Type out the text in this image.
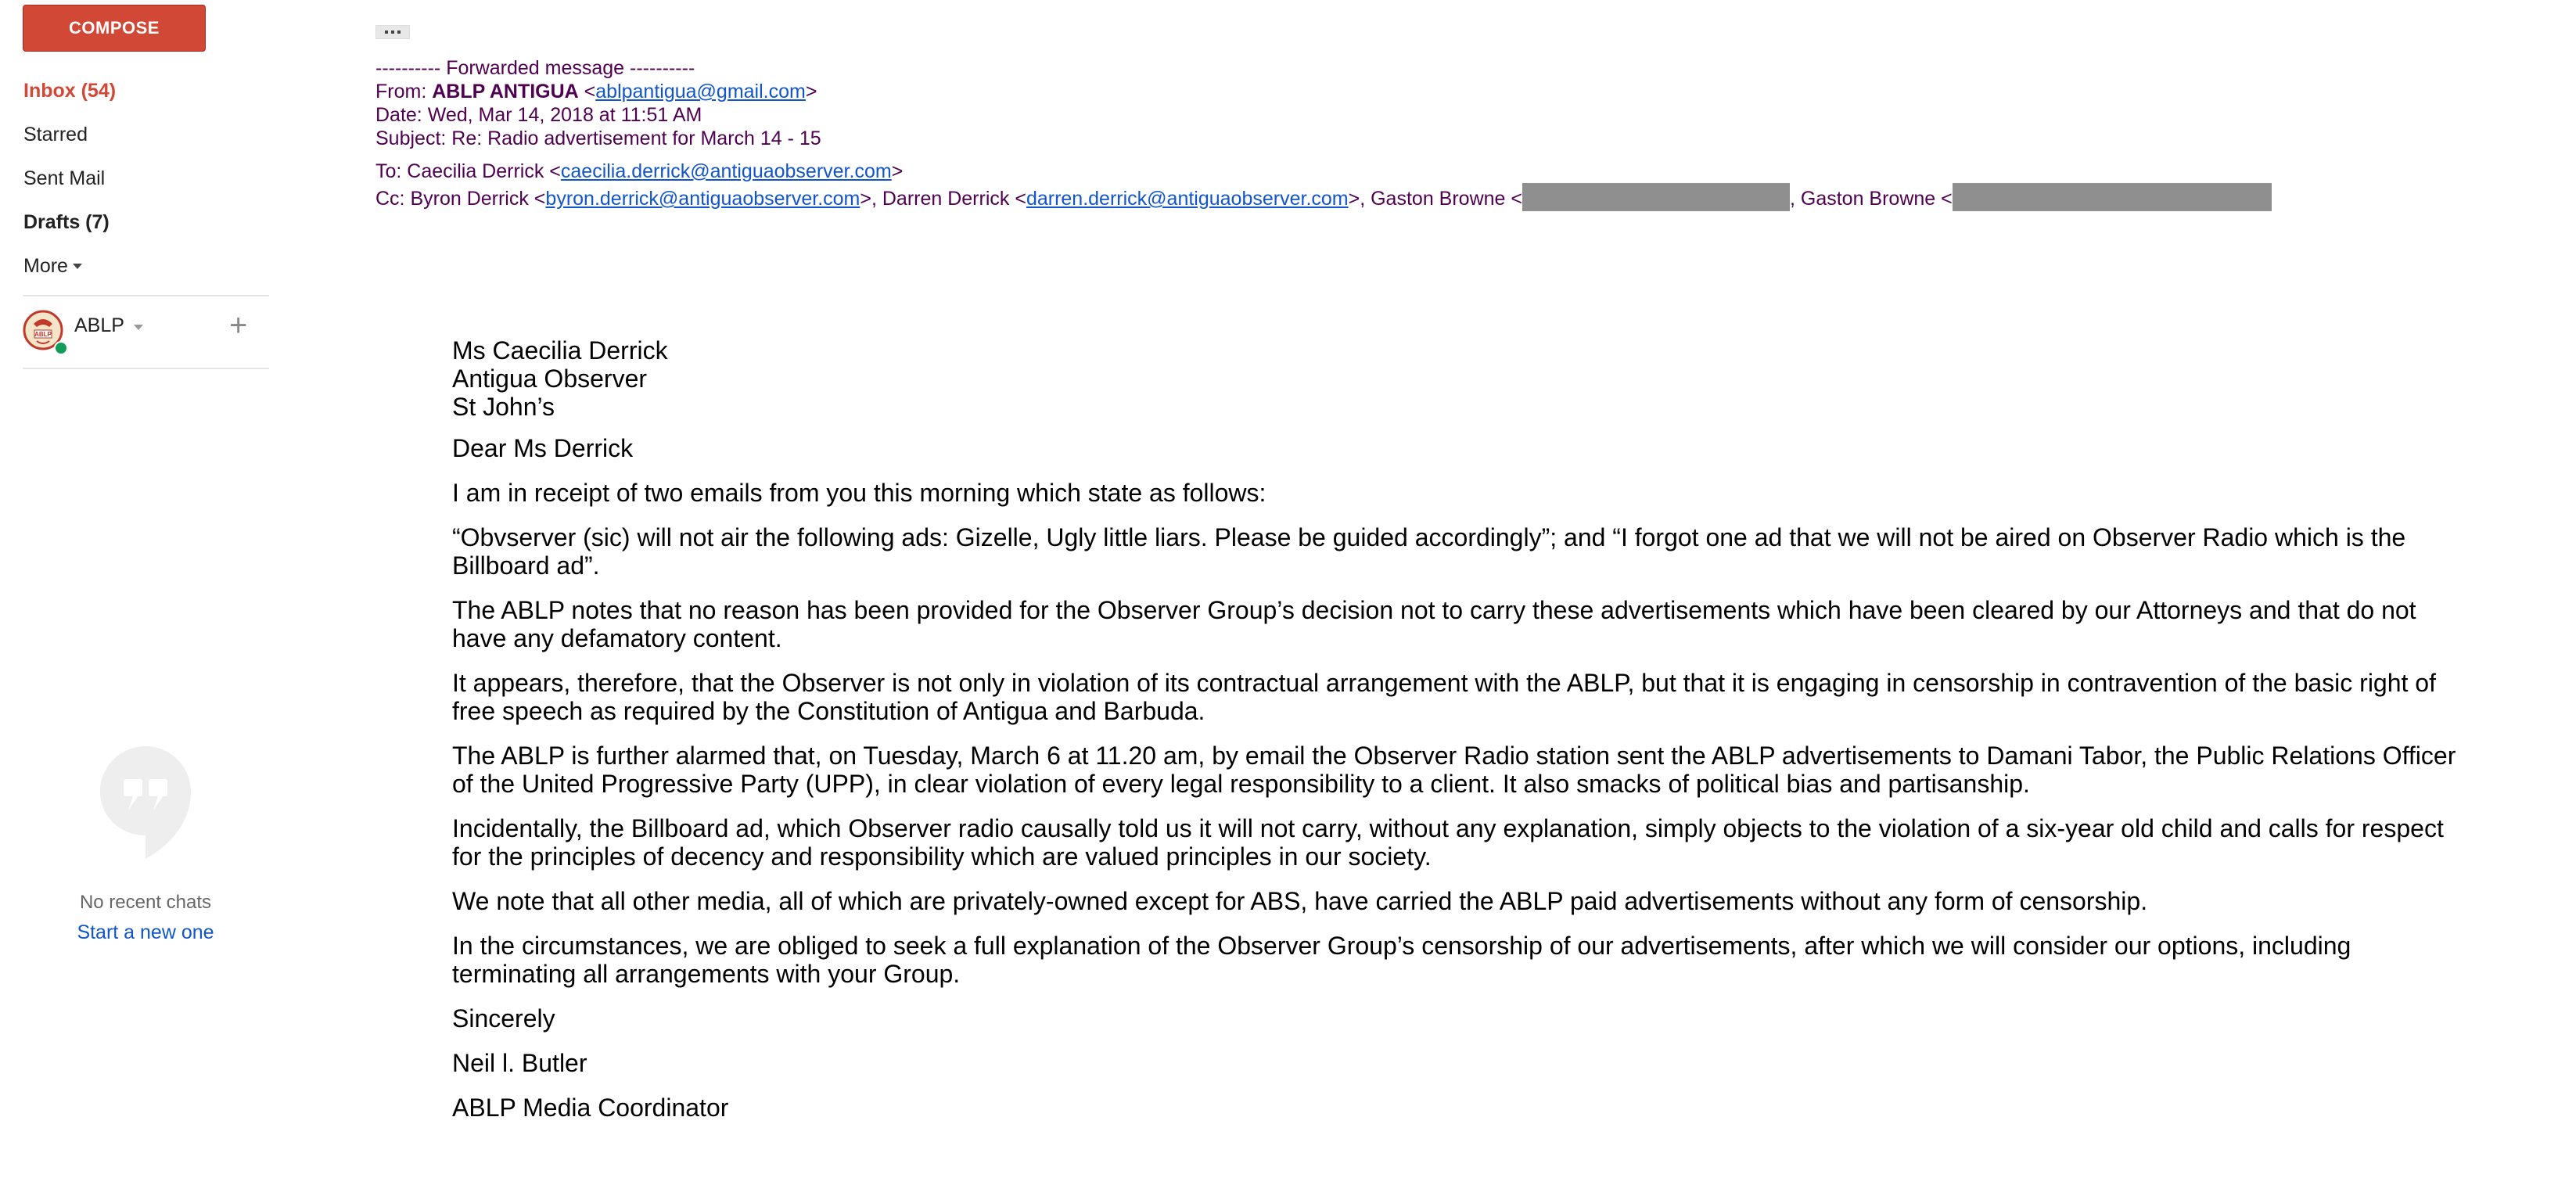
COMPOSE
Inbox (54)
Starred
Sent Mail
Drafts (7)
More
ABLP ABLP	+
No recent chats
Start a new one
---------- Forwarded message ----------
From: ABLP ANTIGUA <ablpantigua@gmail.com>
Date: Wed, Mar 14, 2018 at 11:51 AM
Subject: Re: Radio advertisement for March 14 - 15
To: Caecilia Derrick <caecilia.derrick@antiguaobserver.com>
Cc: Byron Derrick <byron.derrick@antiguaobserver.com>, Darren Derrick <darren.derrick@antiguaobserver.com>, Gaston Browne <	, Gaston Browne <
Ms Caecilia Derrick
Antigua Observer
St John’s

Dear Ms Derrick

I am in receipt of two emails from you this morning which state as follows:

“Obvserver (sic) will not air the following ads: Gizelle, Ugly little liars. Please be guided accordingly”; and “I forgot one ad that we will not be aired on Observer Radio which is the Billboard ad”.

The ABLP notes that no reason has been provided for the Observer Group’s decision not to carry these advertisements which have been cleared by our Attorneys and that do not have any defamatory content.

It appears, therefore, that the Observer is not only in violation of its contractual arrangement with the ABLP, but that it is engaging in censorship in contravention of the basic right of free speech as required by the Constitution of Antigua and Barbuda.

The ABLP is further alarmed that, on Tuesday, March 6 at 11.20 am, by email the Observer Radio station sent the ABLP advertisements to Damani Tabor, the Public Relations Officer of the United Progressive Party (UPP), in clear violation of every legal responsibility to a client. It also smacks of political bias and partisanship.

Incidentally, the Billboard ad, which Observer radio causally told us it will not carry, without any explanation, simply objects to the violation of a six-year old child and calls for respect for the principles of decency and responsibility which are valued principles in our society.

We note that all other media, all of which are privately-owned except for ABS, have carried the ABLP paid advertisements without any form of censorship.

In the circumstances, we are obliged to seek a full explanation of the Observer Group’s censorship of our advertisements, after which we will consider our options, including terminating all arrangements with your Group.

Sincerely

Neil l. Butler

ABLP Media Coordinator
